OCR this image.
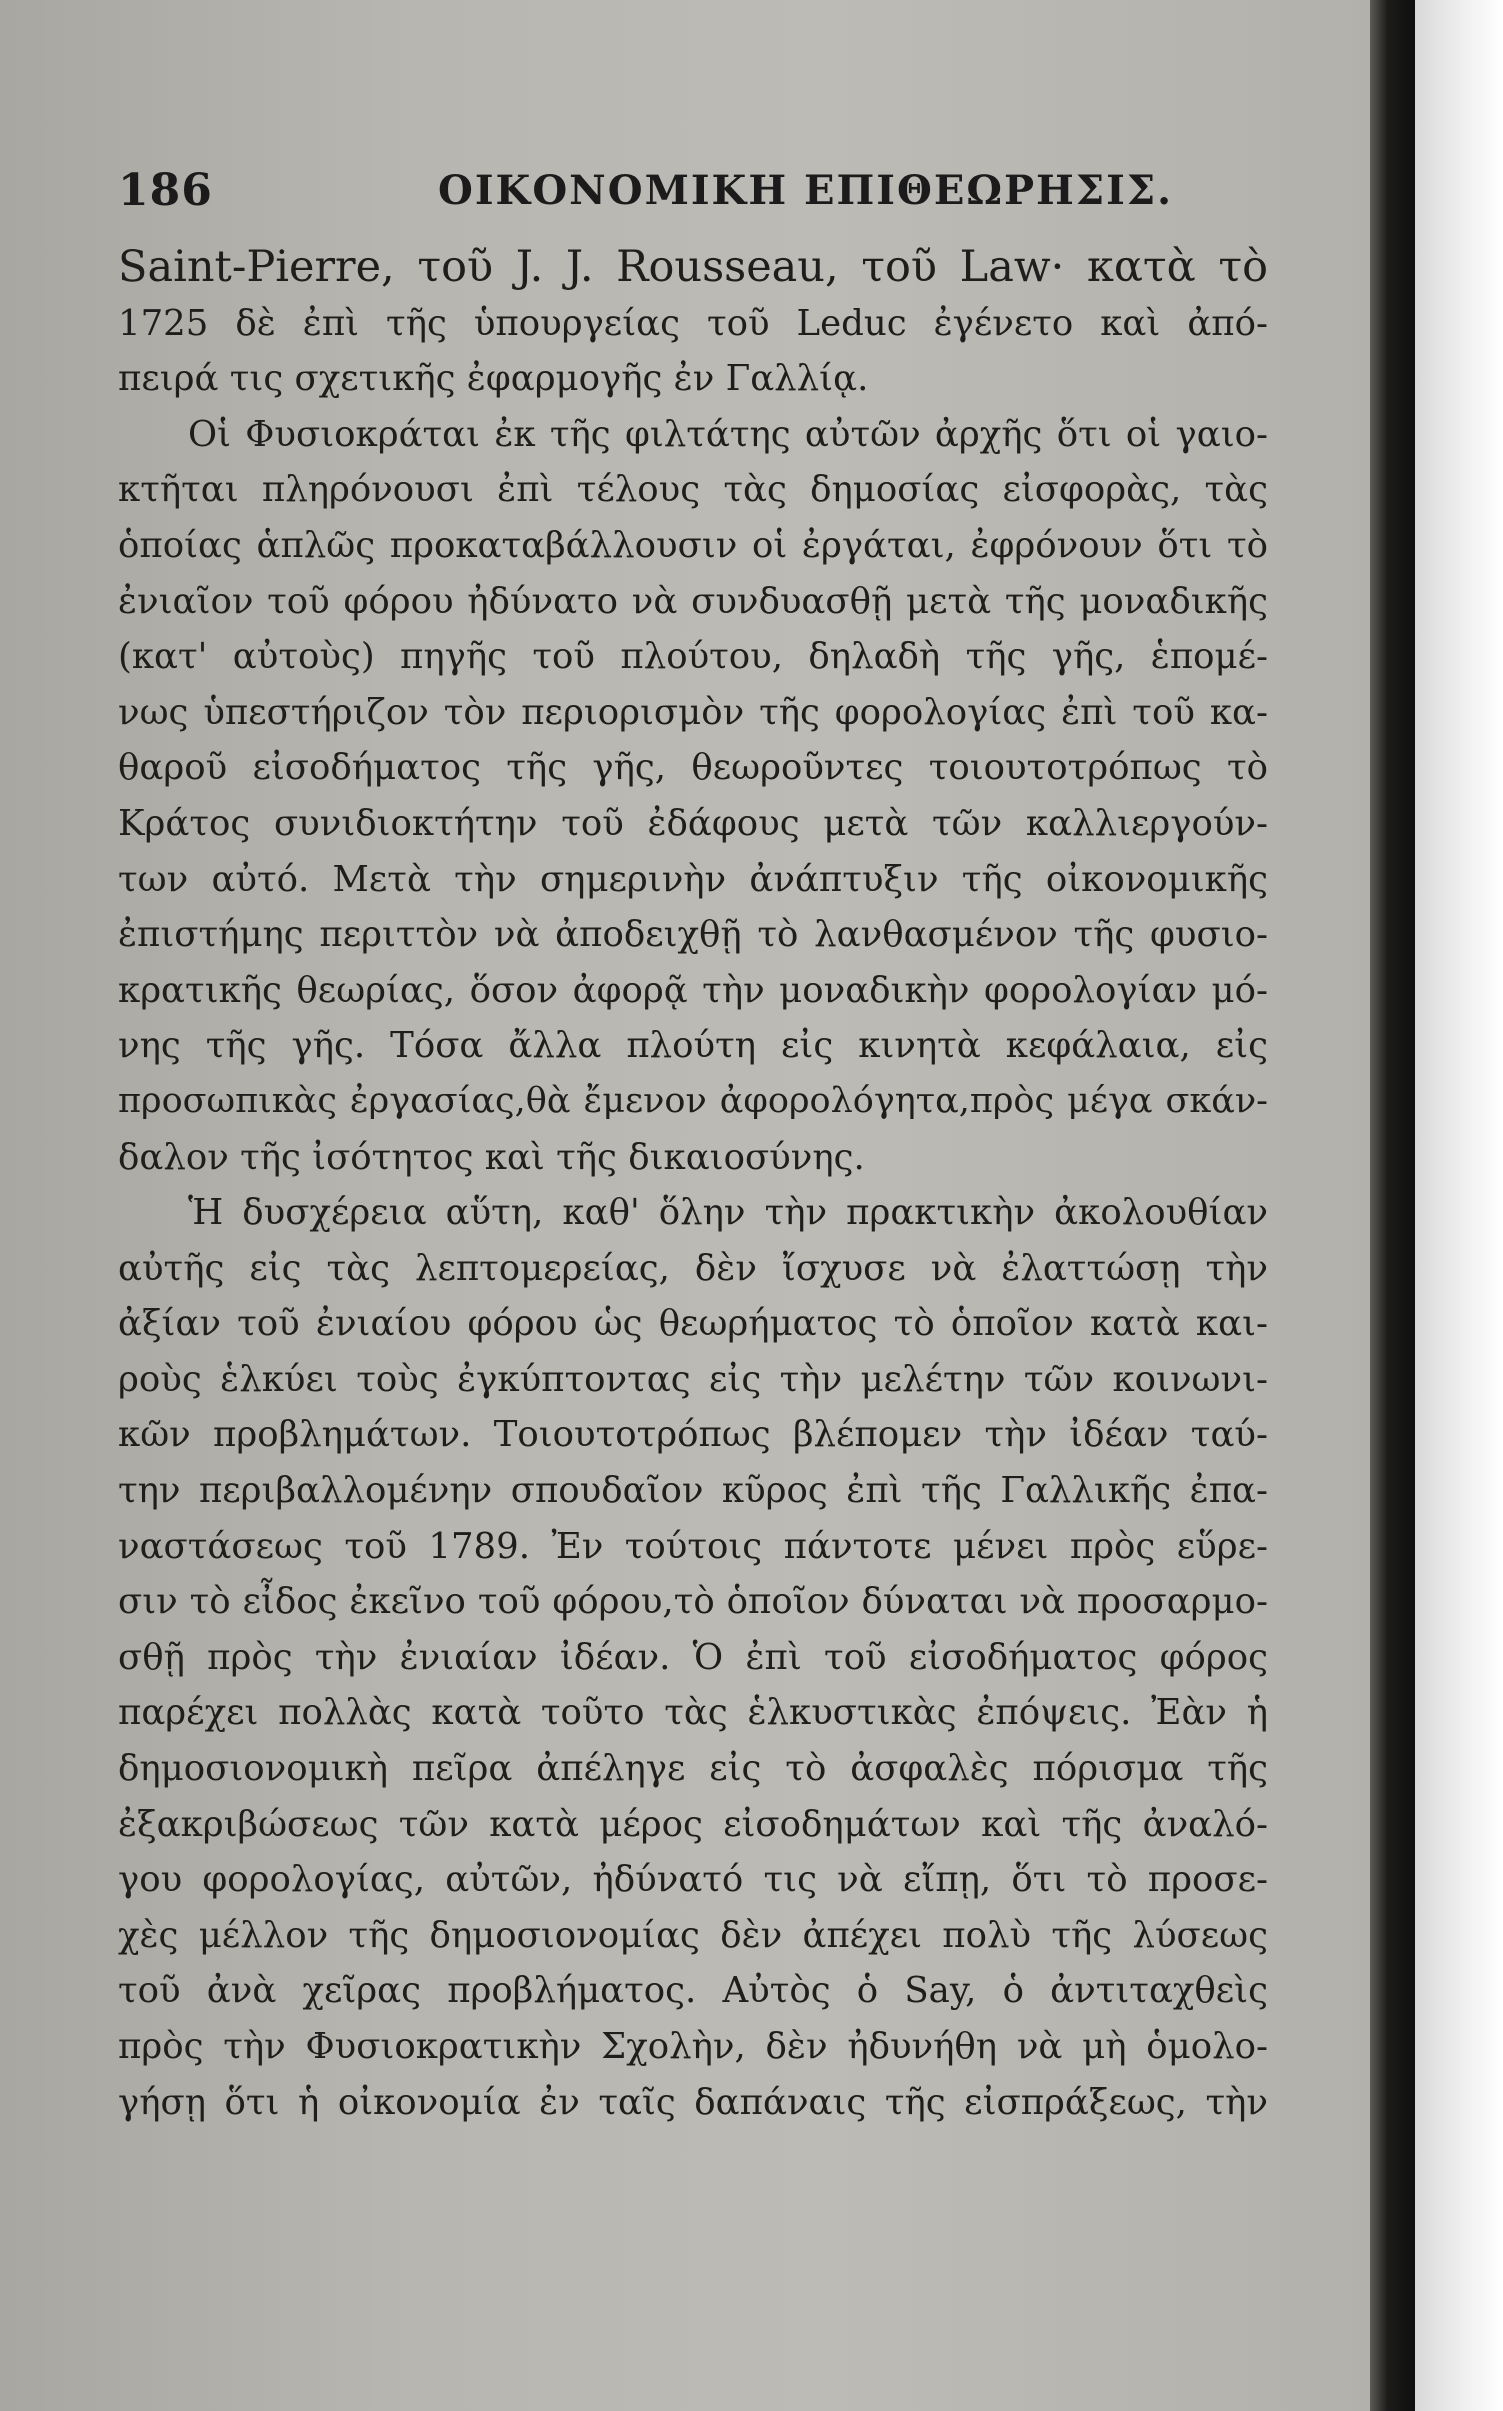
186	ΟΙΚΟΝΟΜΙΚΗ ΕΠΙΘΕΩΡΗΣΙΣ.
Saint-Pierre, τοῦ J. J. Rousseau, τοῦ Law· κατὰ τὸ
1725 δὲ ἐπὶ τῆς ὑπουργείας τοῦ Leduc ἐγένετο καὶ ἀπό-
πειρά τις σχετικῆς ἐφαρμογῆς ἐν Γαλλίᾳ.
Οἱ Φυσιοκράται ἐκ τῆς φιλτάτης αὐτῶν ἀρχῆς ὅτι οἱ γαιο-
κτῆται πληρόνουσι ἐπὶ τέλους τὰς δημοσίας εἰσφορὰς, τὰς
ὁποίας ἁπλῶς προκαταβάλλουσιν οἱ ἐργάται, ἐφρόνουν ὅτι τὸ
ἐνιαῖον τοῦ φόρου ἠδύνατο νὰ συνδυασθῇ μετὰ τῆς μοναδικῆς
(κατ' αὐτοὺς) πηγῆς τοῦ πλούτου, δηλαδὴ τῆς γῆς, ἑπομέ-
νως ὑπεστήριζον τὸν περιορισμὸν τῆς φορολογίας ἐπὶ τοῦ κα-
θαροῦ εἰσοδήματος τῆς γῆς, θεωροῦντες τοιουτοτρόπως τὸ
Κράτος συνιδιοκτήτην τοῦ ἐδάφους μετὰ τῶν καλλιεργούν-
των αὐτό. Μετὰ τὴν σημερινὴν ἀνάπτυξιν τῆς οἰκονομικῆς
ἐπιστήμης περιττὸν νὰ ἀποδειχθῇ τὸ λανθασμένον τῆς φυσιο-
κρατικῆς θεωρίας, ὅσον ἀφορᾷ τὴν μοναδικὴν φορολογίαν μό-
νης τῆς γῆς. Τόσα ἄλλα πλούτη εἰς κινητὰ κεφάλαια, εἰς
προσωπικὰς ἐργασίας,θὰ ἔμενον ἀφορολόγητα,πρὸς μέγα σκάν-
δαλον τῆς ἰσότητος καὶ τῆς δικαιοσύνης.
Ἡ δυσχέρεια αὕτη, καθ' ὅλην τὴν πρακτικὴν ἀκολουθίαν
αὐτῆς εἰς τὰς λεπτομερείας, δὲν ἴσχυσε νὰ ἐλαττώσῃ τὴν
ἀξίαν τοῦ ἐνιαίου φόρου ὡς θεωρήματος τὸ ὁποῖον κατὰ και-
ροὺς ἑλκύει τοὺς ἐγκύπτοντας εἰς τὴν μελέτην τῶν κοινωνι-
κῶν προβλημάτων. Τοιουτοτρόπως βλέπομεν τὴν ἰδέαν ταύ-
την περιβαλλομένην σπουδαῖον κῦρος ἐπὶ τῆς Γαλλικῆς ἐπα-
ναστάσεως τοῦ 1789. Ἐν τούτοις πάντοτε μένει πρὸς εὕρε-
σιν τὸ εἶδος ἐκεῖνο τοῦ φόρου,τὸ ὁποῖον δύναται νὰ προσαρμο-
σθῇ πρὸς τὴν ἐνιαίαν ἰδέαν. Ὁ ἐπὶ τοῦ εἰσοδήματος φόρος
παρέχει πολλὰς κατὰ τοῦτο τὰς ἑλκυστικὰς ἐπόψεις. Ἐὰν ἡ
δημοσιονομικὴ πεῖρα ἀπέληγε εἰς τὸ ἀσφαλὲς πόρισμα τῆς
ἐξακριβώσεως τῶν κατὰ μέρος εἰσοδημάτων καὶ τῆς ἀναλό-
γου φορολογίας, αὐτῶν, ἠδύνατό τις νὰ εἴπῃ, ὅτι τὸ προσε-
χὲς μέλλον τῆς δημοσιονομίας δὲν ἀπέχει πολὺ τῆς λύσεως
τοῦ ἀνὰ χεῖρας προβλήματος. Αὐτὸς ὁ Say, ὁ ἀντιταχθεὶς
πρὸς τὴν Φυσιοκρατικὴν Σχολὴν, δὲν ἠδυνήθη νὰ μὴ ὁμολο-
γήσῃ ὅτι ἡ οἰκονομία ἐν ταῖς δαπάναις τῆς εἰσπράξεως, τὴν
